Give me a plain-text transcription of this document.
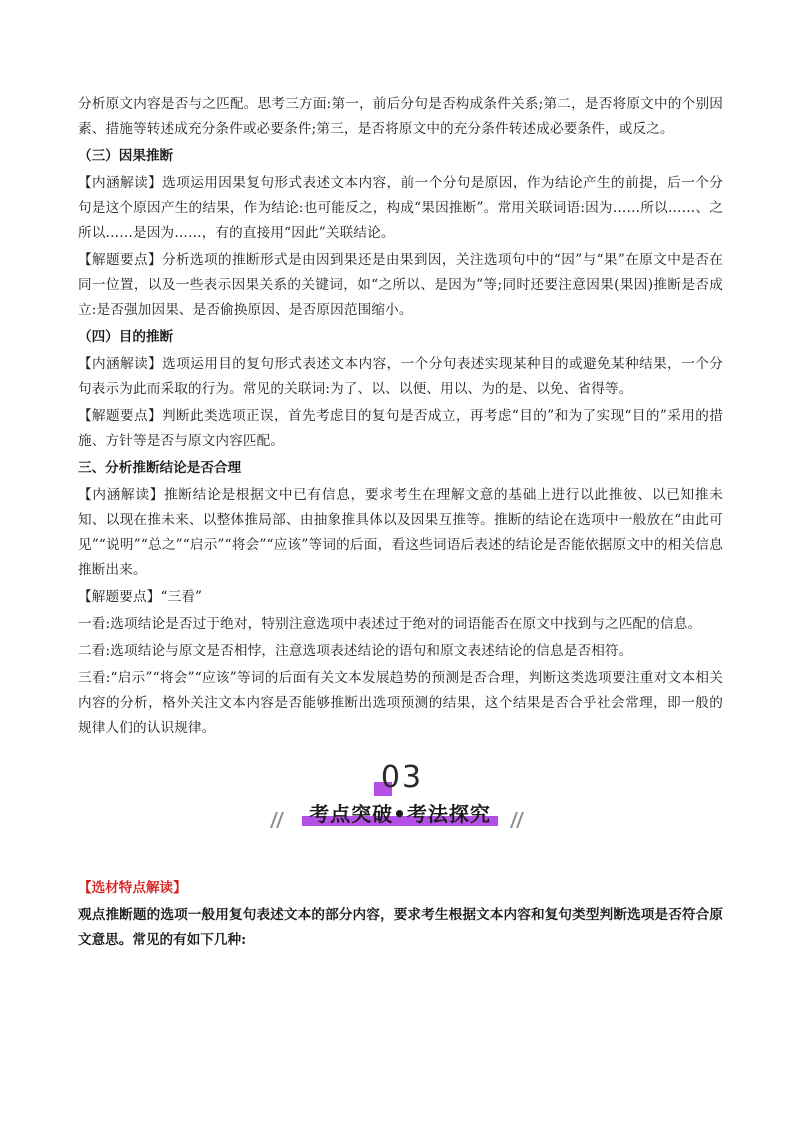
分析原文内容是否与之匹配。思考三方面:第一，前后分句是否构成条件关系;第二，是否将原文中的个别因素、措施等转述成充分条件或必要条件;第三，是否将原文中的充分条件转述成必要条件，或反之。

（三）因果推断

【内涵解读】选项运用因果复句形式表述文本内容，前一个分句是原因，作为结论产生的前提，后一个分句是这个原因产生的结果，作为结论:也可能反之，构成“果因推断”。常用关联词语:因为……所以……、之所以……是因为……，有的直接用“因此”关联结论。

【解题要点】分析选项的推断形式是由因到果还是由果到因，关注选项句中的“因”与“果”在原文中是否在同一位置，以及一些表示因果关系的关键词，如“之所以、是因为”等;同时还要注意因果(果因)推断是否成立:是否强加因果、是否偷换原因、是否原因范围缩小。

（四）目的推断

【内涵解读】选项运用目的复句形式表述文本内容，一个分句表述实现某种目的或避免某种结果，一个分句表示为此而采取的行为。常见的关联词:为了、以、以便、用以、为的是、以免、省得等。

【解题要点】判断此类选项正误，首先考虑目的复句是否成立，再考虑“目的”和为了实现“目的”采用的措施、方针等是否与原文内容匹配。

三、分析推断结论是否合理

【内涵解读】推断结论是根据文中已有信息，要求考生在理解文意的基础上进行以此推彼、以已知推未知、以现在推未来、以整体推局部、由抽象推具体以及因果互推等。推断的结论在选项中一般放在“由此可见”“说明”“总之”“启示”“将会”“应该”等词的后面，看这些词语后表述的结论是否能依据原文中的相关信息推断出来。

【解题要点】“三看”

一看:选项结论是否过于绝对，特别注意选项中表述过于绝对的词语能否在原文中找到与之匹配的信息。

二看:选项结论与原文是否相悖，注意选项表述结论的语句和原文表述结论的信息是否相符。

三看:“启示”“将会”“应该”等词的后面有关文本发展趋势的预测是否合理，判断这类选项要注重对文本相关内容的分析，格外关注文本内容是否能够推断出选项预测的结果，这个结果是否合乎社会常理，即一般的规律人们的认识规律。

03
考点突破•考法探究

【选材特点解读】

观点推断题的选项一般用复句表述文本的部分内容，要求考生根据文本内容和复句类型判断选项是否符合原文意思。常见的有如下几种:
